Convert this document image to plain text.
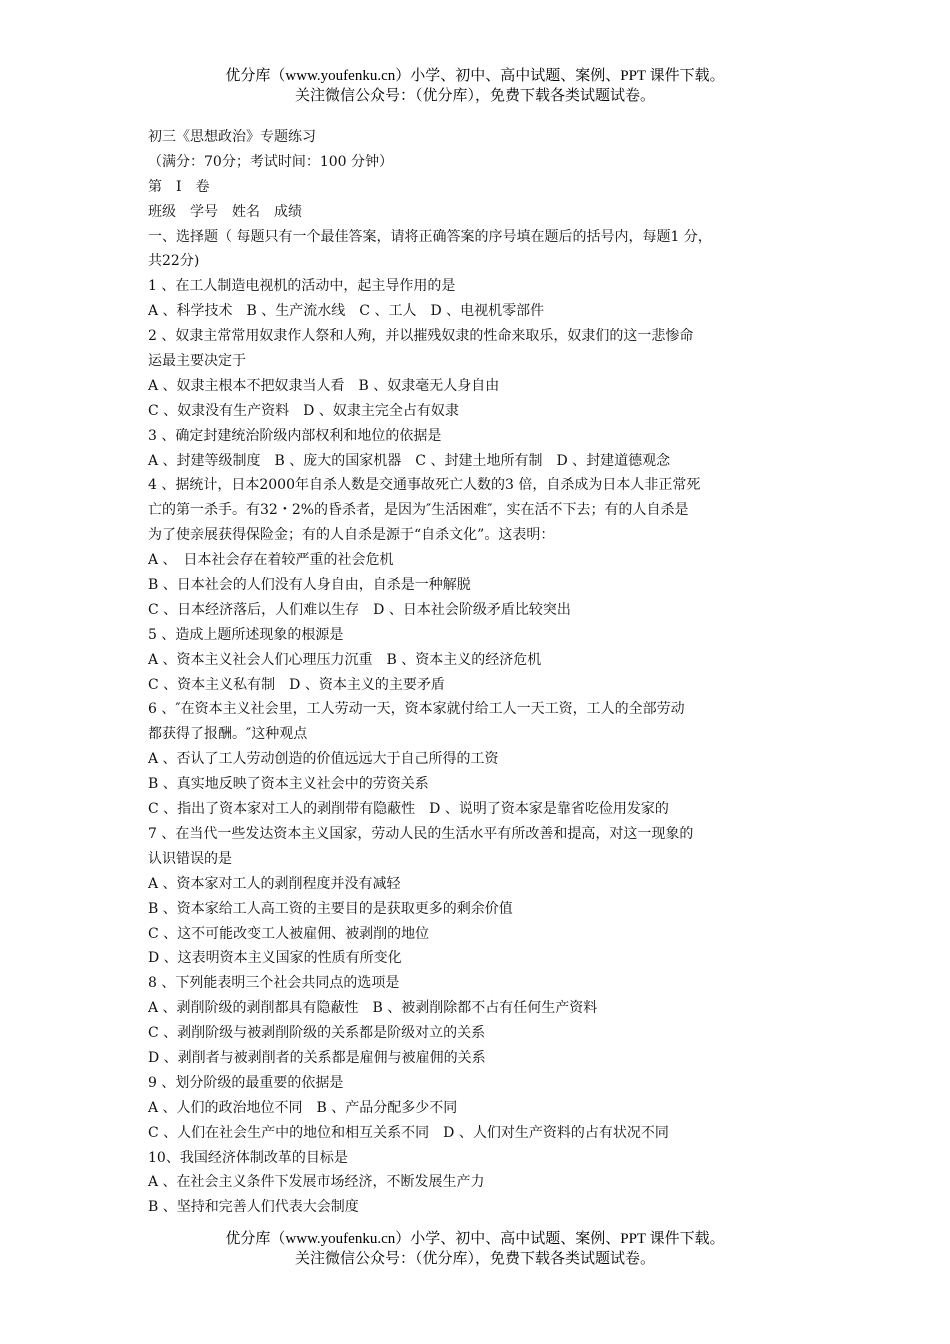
优分库（www.youfenku.cn）小学、初中、高中试题、案例、PPT 课件下载。
关注微信公众号：（优分库），免费下载各类试题试卷。
初三《思想政治》专题练习
（满分：70分；考试时间：100 分钟）
第　Ⅰ　卷
班级　学号　姓名　成绩
一、选择题（ 每题只有一个最佳答案，请将正确答案的序号填在题后的括号内，每题1 分，
共22分)
1 、在工人制造电视机的活动中，起主导作用的是
A 、科学技术　B 、生产流水线　C 、工人　D 、电视机零部件
2 、奴隶主常常用奴隶作人祭和人殉，并以摧残奴隶的性命来取乐，奴隶们的这一悲惨命
运最主要决定于
A 、奴隶主根本不把奴隶当人看　B 、奴隶毫无人身自由
C 、奴隶没有生产资料　D 、奴隶主完全占有奴隶
3 、确定封建统治阶级内部权利和地位的依据是
A 、封建等级制度　B 、庞大的国家机器　C 、封建土地所有制　D 、封建道德观念
4 、据统计，日本2000年自杀人数是交通事故死亡人数的3 倍，自杀成为日本人非正常死
亡的第一杀手。有32・2%的昏杀者，是因为″生活困难″，实在活不下去；有的人自杀是
为了使亲展获得保险金；有的人自杀是源于“自杀文化”。这表明：
A 、　日本社会存在着较严重的社会危机
B 、日本社会的人们没有人身自由，自杀是一种解脱
C 、日本经济落后，人们难以生存　D 、日本社会阶级矛盾比较突出
5 、造成上题所述现象的根源是
A 、资本主义社会人们心理压力沉重　B 、资本主义的经济危机
C 、资本主义私有制　D 、资本主义的主要矛盾
6 、″在资本主义社会里，工人劳动一天，资本家就付给工人一天工资，工人的全部劳动
都获得了报酬。″这种观点
A 、否认了工人劳动创造的价值远远大于自己所得的工资
B 、真实地反映了资本主义社会中的劳资关系
C 、指出了资本家对工人的剥削带有隐蔽性　D 、说明了资本家是靠省吃俭用发家的
7 、在当代一些发达资本主义国家，劳动人民的生活水平有所改善和提高，对这一现象的
认识错误的是
A 、资本家对工人的剥削程度并没有减轻
B 、资本家给工人高工资的主要目的是获取更多的剩余价值
C 、这不可能改变工人被雇佣、被剥削的地位
D 、这表明资本主义国家的性质有所变化
8 、下列能表明三个社会共同点的选项是
A 、剥削阶级的剥削都具有隐蔽性　B 、被剥削除都不占有任何生产资料
C 、剥削阶级与被剥削阶级的关系都是阶级对立的关系
D 、剥削者与被剥削者的关系都是雇佣与被雇佣的关系
9 、划分阶级的最重要的依据是
A 、人们的政治地位不同　B 、产品分配多少不同
C 、人们在社会生产中的地位和相互关系不同　D 、人们对生产资料的占有状况不同
10、我国经济体制改革的目标是
A 、在社会主义条件下发展市场经济，不断发展生产力
B 、坚持和完善人们代表大会制度
优分库（www.youfenku.cn）小学、初中、高中试题、案例、PPT 课件下载。
关注微信公众号：（优分库），免费下载各类试题试卷。
